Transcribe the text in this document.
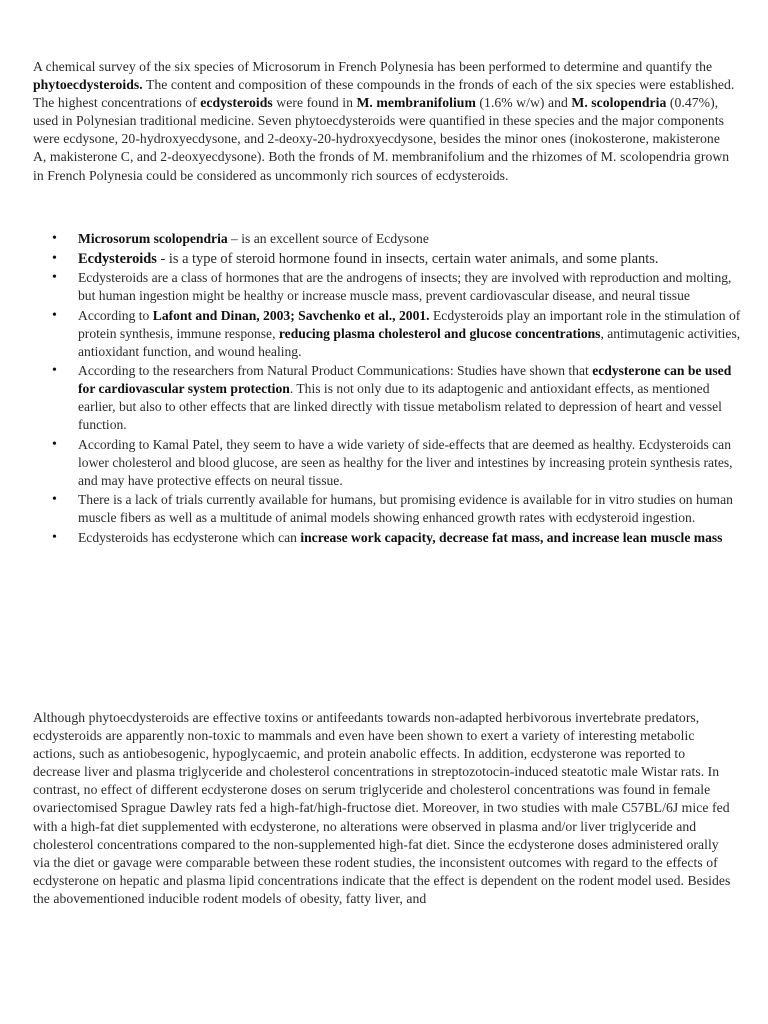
A chemical survey of the six species of Microsorum in French Polynesia has been performed to determine and quantify the phytoecdysteroids. The content and composition of these compounds in the fronds of each of the six species were established. The highest concentrations of ecdysteroids were found in M. membranifolium (1.6% w/w) and M. scolopendria (0.47%), used in Polynesian traditional medicine. Seven phytoecdysteroids were quantified in these species and the major components were ecdysone, 20-hydroxyecdysone, and 2-deoxy-20-hydroxyecdysone, besides the minor ones (inokosterone, makisterone A, makisterone C, and 2-deoxyecdysone). Both the fronds of M. membranifolium and the rhizomes of M. scolopendria grown in French Polynesia could be considered as uncommonly rich sources of ecdysteroids.

• Microsorum scolopendria – is an excellent source of Ecdysone
• Ecdysteroids - is a type of steroid hormone found in insects, certain water animals, and some plants.
• Ecdysteroids are a class of hormones that are the androgens of insects; they are involved with reproduction and molting, but human ingestion might be healthy or increase muscle mass, prevent cardiovascular disease, and neural tissue
• According to Lafont and Dinan, 2003; Savchenko et al., 2001. Ecdysteroids play an important role in the stimulation of protein synthesis, immune response, reducing plasma cholesterol and glucose concentrations, antimutagenic activities, antioxidant function, and wound healing.
• According to the researchers from Natural Product Communications: Studies have shown that ecdysterone can be used for cardiovascular system protection. This is not only due to its adaptogenic and antioxidant effects, as mentioned earlier, but also to other effects that are linked directly with tissue metabolism related to depression of heart and vessel function.
• According to Kamal Patel, they seem to have a wide variety of side-effects that are deemed as healthy. Ecdysteroids can lower cholesterol and blood glucose, are seen as healthy for the liver and intestines by increasing protein synthesis rates, and may have protective effects on neural tissue.
• There is a lack of trials currently available for humans, but promising evidence is available for in vitro studies on human muscle fibers as well as a multitude of animal models showing enhanced growth rates with ecdysteroid ingestion.
• Ecdysteroids has ecdysterone which can increase work capacity, decrease fat mass, and increase lean muscle mass

Although phytoecdysteroids are effective toxins or antifeedants towards non-adapted herbivorous invertebrate predators, ecdysteroids are apparently non-toxic to mammals and even have been shown to exert a variety of interesting metabolic actions, such as antiobesogenic, hypoglycaemic, and protein anabolic effects. In addition, ecdysterone was reported to decrease liver and plasma triglyceride and cholesterol concentrations in streptozotocin-induced steatotic male Wistar rats. In contrast, no effect of different ecdysterone doses on serum triglyceride and cholesterol concentrations was found in female ovariectomised Sprague Dawley rats fed a high-fat/high-fructose diet. Moreover, in two studies with male C57BL/6J mice fed with a high-fat diet supplemented with ecdysterone, no alterations were observed in plasma and/or liver triglyceride and cholesterol concentrations compared to the non-supplemented high-fat diet. Since the ecdysterone doses administered orally via the diet or gavage were comparable between these rodent studies, the inconsistent outcomes with regard to the effects of ecdysterone on hepatic and plasma lipid concentrations indicate that the effect is dependent on the rodent model used. Besides the abovementioned inducible rodent models of obesity, fatty liver, and
